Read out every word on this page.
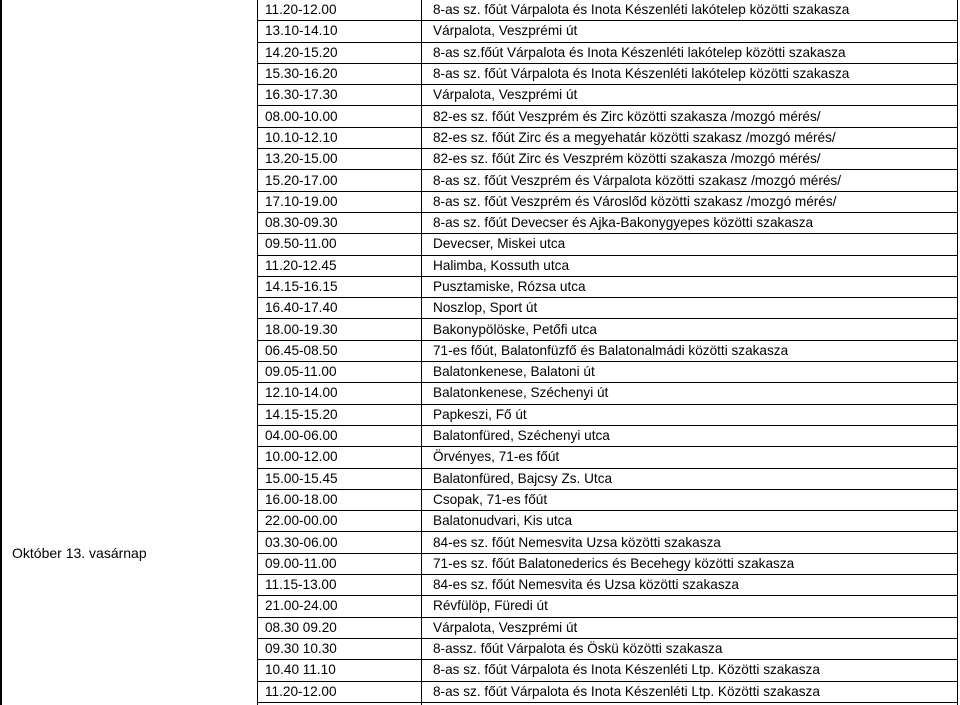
Október 13. vasárnap
11.20-12.00	8-as sz. főút Várpalota és Inota Készenléti lakótelep közötti szakasza
13.10-14.10	Várpalota, Veszprémi út
14.20-15.20	8-as sz.főút Várpalota és Inota Készenléti lakótelep közötti szakasza
15.30-16.20	8-as sz. főút Várpalota és Inota Készenléti lakótelep közötti szakasza
16.30-17.30	Várpalota, Veszprémi út
08.00-10.00	82-es sz. főút Veszprém és Zirc közötti szakasza /mozgó mérés/
10.10-12.10	82-es sz. főút Zirc és a megyehatár közötti szakasz /mozgó mérés/
13.20-15.00	82-es sz. főút Zirc és Veszprém közötti szakasza /mozgó mérés/
15.20-17.00	8-as sz. főút Veszprém és Várpalota közötti szakasz /mozgó mérés/
17.10-19.00	8-as sz. főút Veszprém és Városlőd közötti szakasz /mozgó mérés/
08.30-09.30	8-as sz. főút Devecser és Ajka-Bakonygyepes közötti szakasza
09.50-11.00	Devecser, Miskei utca
11.20-12.45	Halimba, Kossuth utca
14.15-16.15	Pusztamiske, Rózsa utca
16.40-17.40	Noszlop, Sport út
18.00-19.30	Bakonypölöske, Petőfi utca
06.45-08.50	71-es főút, Balatonfüzfő és Balatonalmádi közötti szakasza
09.05-11.00	Balatonkenese, Balatoni út
12.10-14.00	Balatonkenese, Széchenyi út
14.15-15.20	Papkeszi, Fő út
04.00-06.00	Balatonfüred, Széchenyi utca
10.00-12.00	Örvényes, 71-es főút
15.00-15.45	Balatonfüred, Bajcsy Zs. Utca
16.00-18.00	Csopak, 71-es főút
22.00-00.00	Balatonudvari, Kis utca
03.30-06.00	84-es sz. főút Nemesvita Uzsa közötti szakasza
09.00-11.00	71-es sz. főút Balatonederics és Becehegy közötti szakasza
11.15-13.00	84-es sz. főút Nemesvita és Uzsa közötti szakasza
21.00-24.00	Révfülöp, Füredi út
08.30 09.20	Várpalota, Veszprémi út
09.30 10.30	8-assz. főút Várpalota és Öskü közötti szakasza
10.40 11.10	8-as sz. főút Várpalota és Inota Készenléti Ltp. Közötti szakasza
11.20-12.00	8-as sz. főút Várpalota és Inota Készenléti Ltp. Közötti szakasza
